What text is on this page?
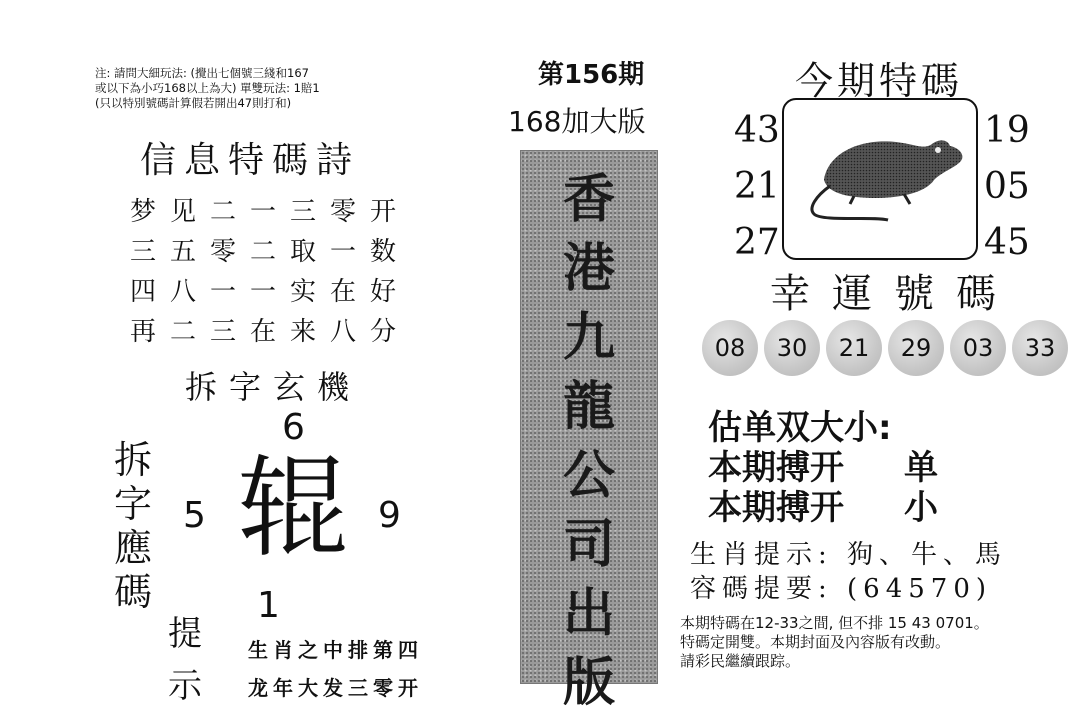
注: 請問大細玩法: (攪出七個號三綫和167
或以下為小巧168以上為大) 單雙玩法: 1賠1
(只以特別號碼計算假若開出47則打和)
信息特碼詩
梦见二一三零开
三五零二取一数
四八一一实在好
再二三在来八分
拆字玄機
6
5	9
1
辊
拆字應碼
提示
生肖之中排第四
龙年大发三零开
第156期
168加大版
香
港
九
龍
公
司
出
版
今期特碼
43
21
27
19
05
45
幸運號碼
08	30	21	29	03	33
估单双大小:
本期搏开 单
本期搏开 小
生肖提示: 狗、牛、馬
容碼提要: (64570)
本期特碼在12-33之間, 但不排 15 43 0701。
特碼定開雙。本期封面及內容版有改動。
請彩民繼續跟踪。
